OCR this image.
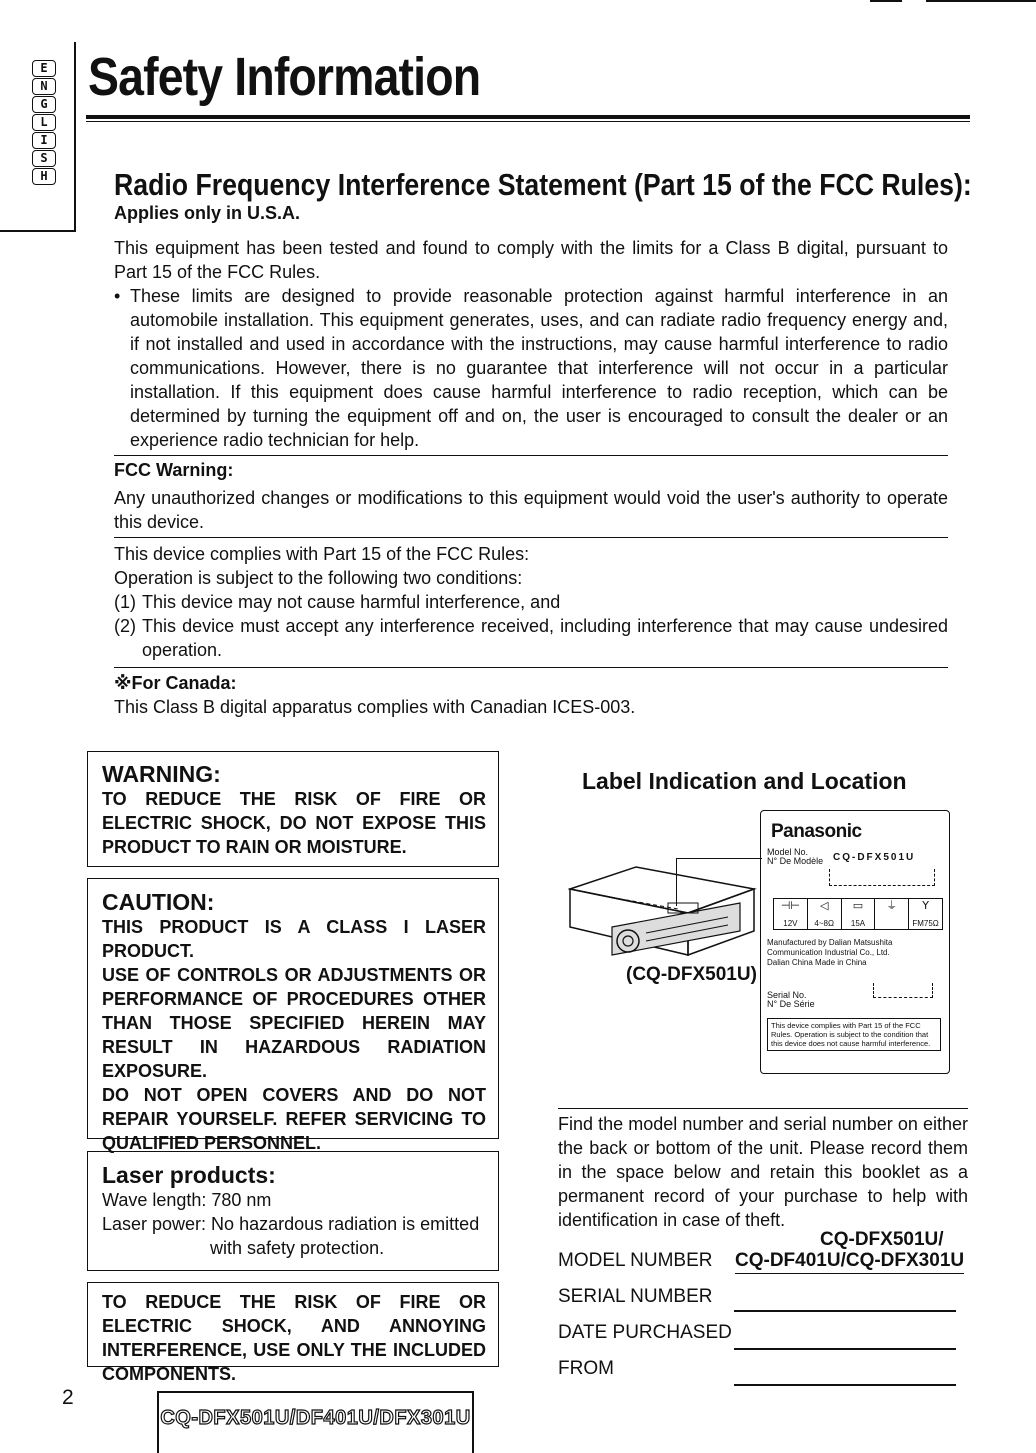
E
N
G
L
I
S
H
Safety Information
Radio Frequency Interference Statement (Part 15 of the FCC Rules):
Applies only in U.S.A.
This equipment has been tested and found to comply with the limits for a Class B digital, pursuant to Part 15 of the FCC Rules.
• These limits are designed to provide reasonable protection against harmful interference in an automobile installation. This equipment generates, uses, and can radiate radio frequency energy and, if not installed and used in accordance with the instructions, may cause harmful interference to radio communications. However, there is no guarantee that interference will not occur in a particular installation. If this equipment does cause harmful interference to radio reception, which can be determined by turning the equipment off and on, the user is encouraged to consult the dealer or an experience radio technician for help.
FCC Warning:
Any unauthorized changes or modifications to this equipment would void the user's authority to operate this device.
This device complies with Part 15 of the FCC Rules:
Operation is subject to the following two conditions:
(1) This device may not cause harmful interference, and
(2) This device must accept any interference received, including interference that may cause undesired operation.
※For Canada:
This Class B digital apparatus complies with Canadian ICES-003.
WARNING:
TO REDUCE THE RISK OF FIRE OR ELECTRIC SHOCK, DO NOT EXPOSE THIS PRODUCT TO RAIN OR MOISTURE.
CAUTION:
THIS PRODUCT IS A CLASS I LASER PRODUCT.
USE OF CONTROLS OR ADJUSTMENTS OR PERFORMANCE OF PROCEDURES OTHER THAN THOSE SPECIFIED HEREIN MAY RESULT IN HAZARDOUS RADIATION EXPOSURE.
DO NOT OPEN COVERS AND DO NOT REPAIR YOURSELF. REFER SERVICING TO QUALIFIED PERSONNEL.
Laser products:
Wave length: 780 nm
Laser power: No hazardous radiation is emitted
with safety protection.
TO REDUCE THE RISK OF FIRE OR ELECTRIC SHOCK, AND ANNOYING INTERFERENCE, USE ONLY THE INCLUDED COMPONENTS.
Label Indication and Location
(CQ-DFX501U)
Panasonic
Model No.
N° De Modèle CQ-DFX501U
⊣⊢
12V
◁
4~8Ω
▭
15A
⏚	Y
FM75Ω
Manufactured by Dalian Matsushita
Communication Industrial Co., Ltd.
Dalian China Made in China
Serial No.
N° De Série
This device complies with Part 15 of the FCC Rules. Operation is subject to the condition that this device does not cause harmful interference.
Find the model number and serial number on either the back or bottom of the unit. Please record them in the space below and retain this booklet as a permanent record of your purchase to help with identification in case of theft.
CQ-DFX501U/
MODEL NUMBER CQ-DF401U/CQ-DFX301U
SERIAL NUMBER
DATE PURCHASED
FROM
2
CQ-DFX501U/DF401U/DFX301U
